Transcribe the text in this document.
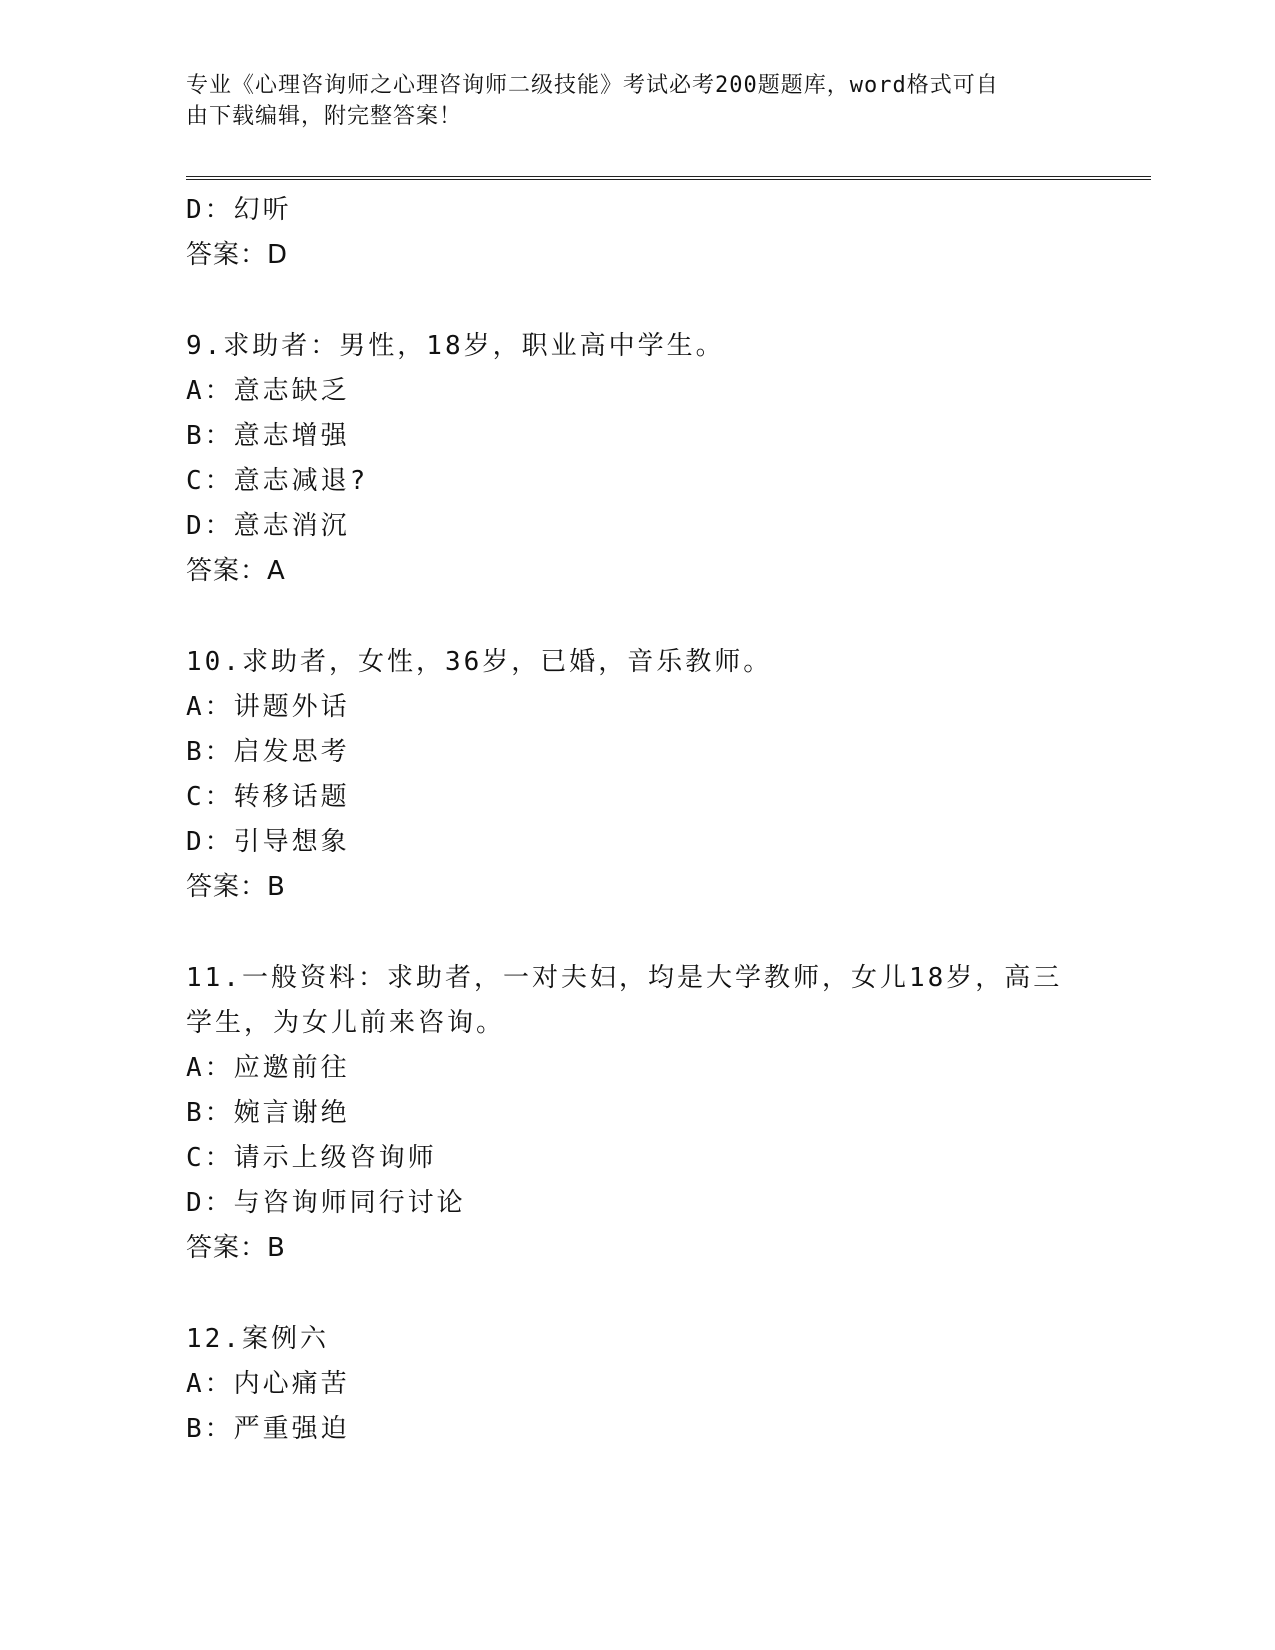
专业《心理咨询师之心理咨询师二级技能》考试必考200题题库，word格式可自
由下载编辑，附完整答案！
D：幻听
答案：D
9.求助者：男性，18岁，职业高中学生。
A：意志缺乏
B：意志增强
C：意志减退?
D：意志消沉
答案：A
10.求助者，女性，36岁，已婚，音乐教师。
A：讲题外话
B：启发思考
C：转移话题
D：引导想象
答案：B
11.一般资料：求助者，一对夫妇，均是大学教师，女儿18岁，高三
学生，为女儿前来咨询。
A：应邀前往
B：婉言谢绝
C：请示上级咨询师
D：与咨询师同行讨论
答案：B
12.案例六
A：内心痛苦
B：严重强迫
